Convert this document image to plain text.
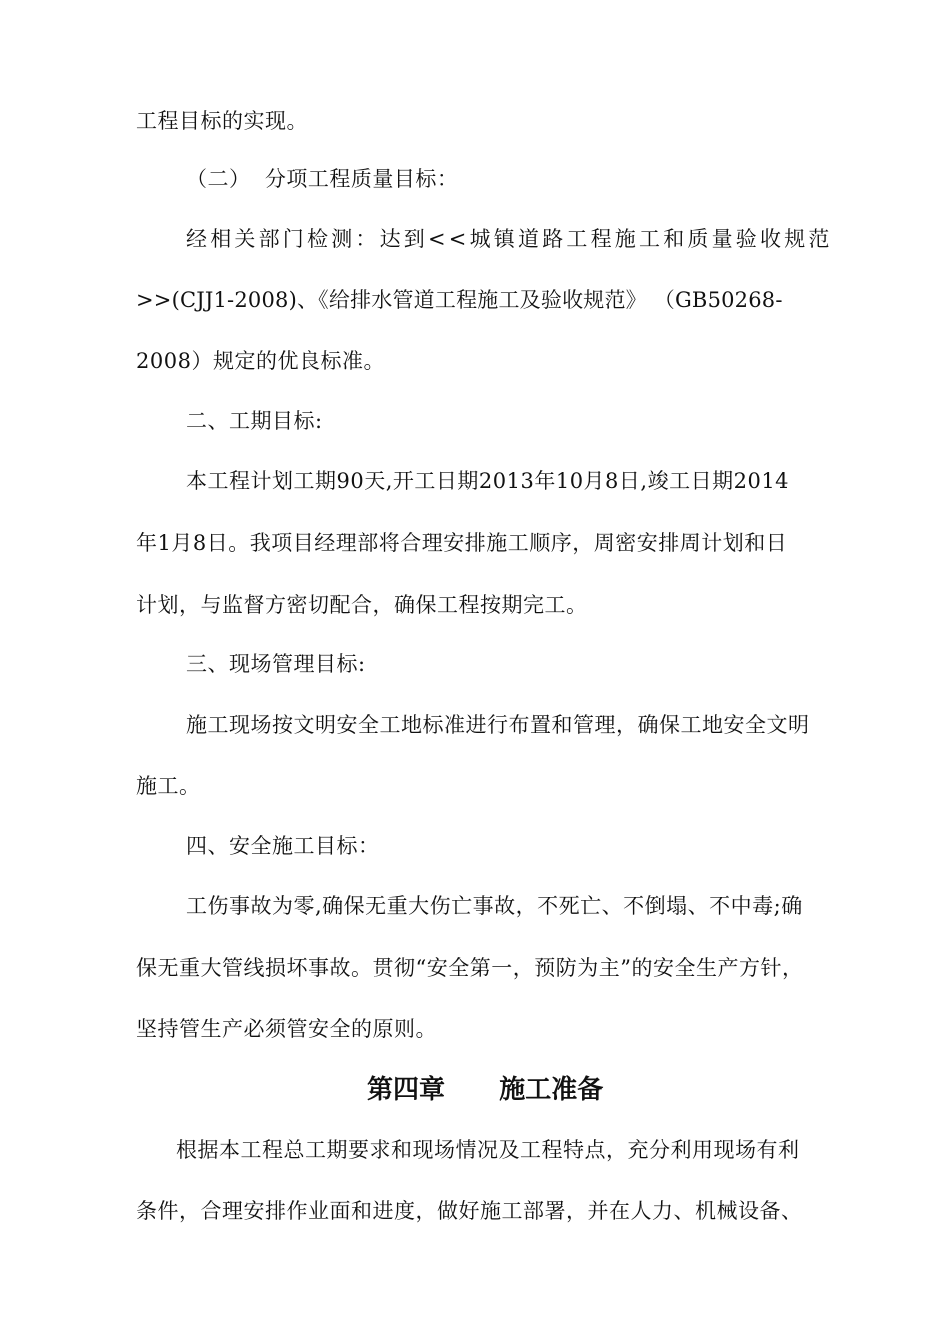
工程目标的实现。
（二）  分项工程质量目标：
经相关部门检测：达到<<城镇道路工程施工和质量验收规范
>>(CJJ1-2008)、《给排水管道工程施工及验收规范》 （GB50268-
2008）规定的优良标准。
二、工期目标:
本工程计划工期90天,开工日期2013年10月8日,竣工日期2014
年1月8日。我项目经理部将合理安排施工顺序，周密安排周计划和日
计划，与监督方密切配合，确保工程按期完工。
三、现场管理目标:
施工现场按文明安全工地标准进行布置和管理，确保工地安全文明
施工。
四、安全施工目标：
工伤事故为零,确保无重大伤亡事故，不死亡、不倒塌、不中毒;确
保无重大管线损坏事故。贯彻“安全第一，预防为主”的安全生产方针，
坚持管生产必须管安全的原则。
第四章      施工准备
根据本工程总工期要求和现场情况及工程特点，充分利用现场有利
条件，合理安排作业面和进度，做好施工部署，并在人力、机械设备、
